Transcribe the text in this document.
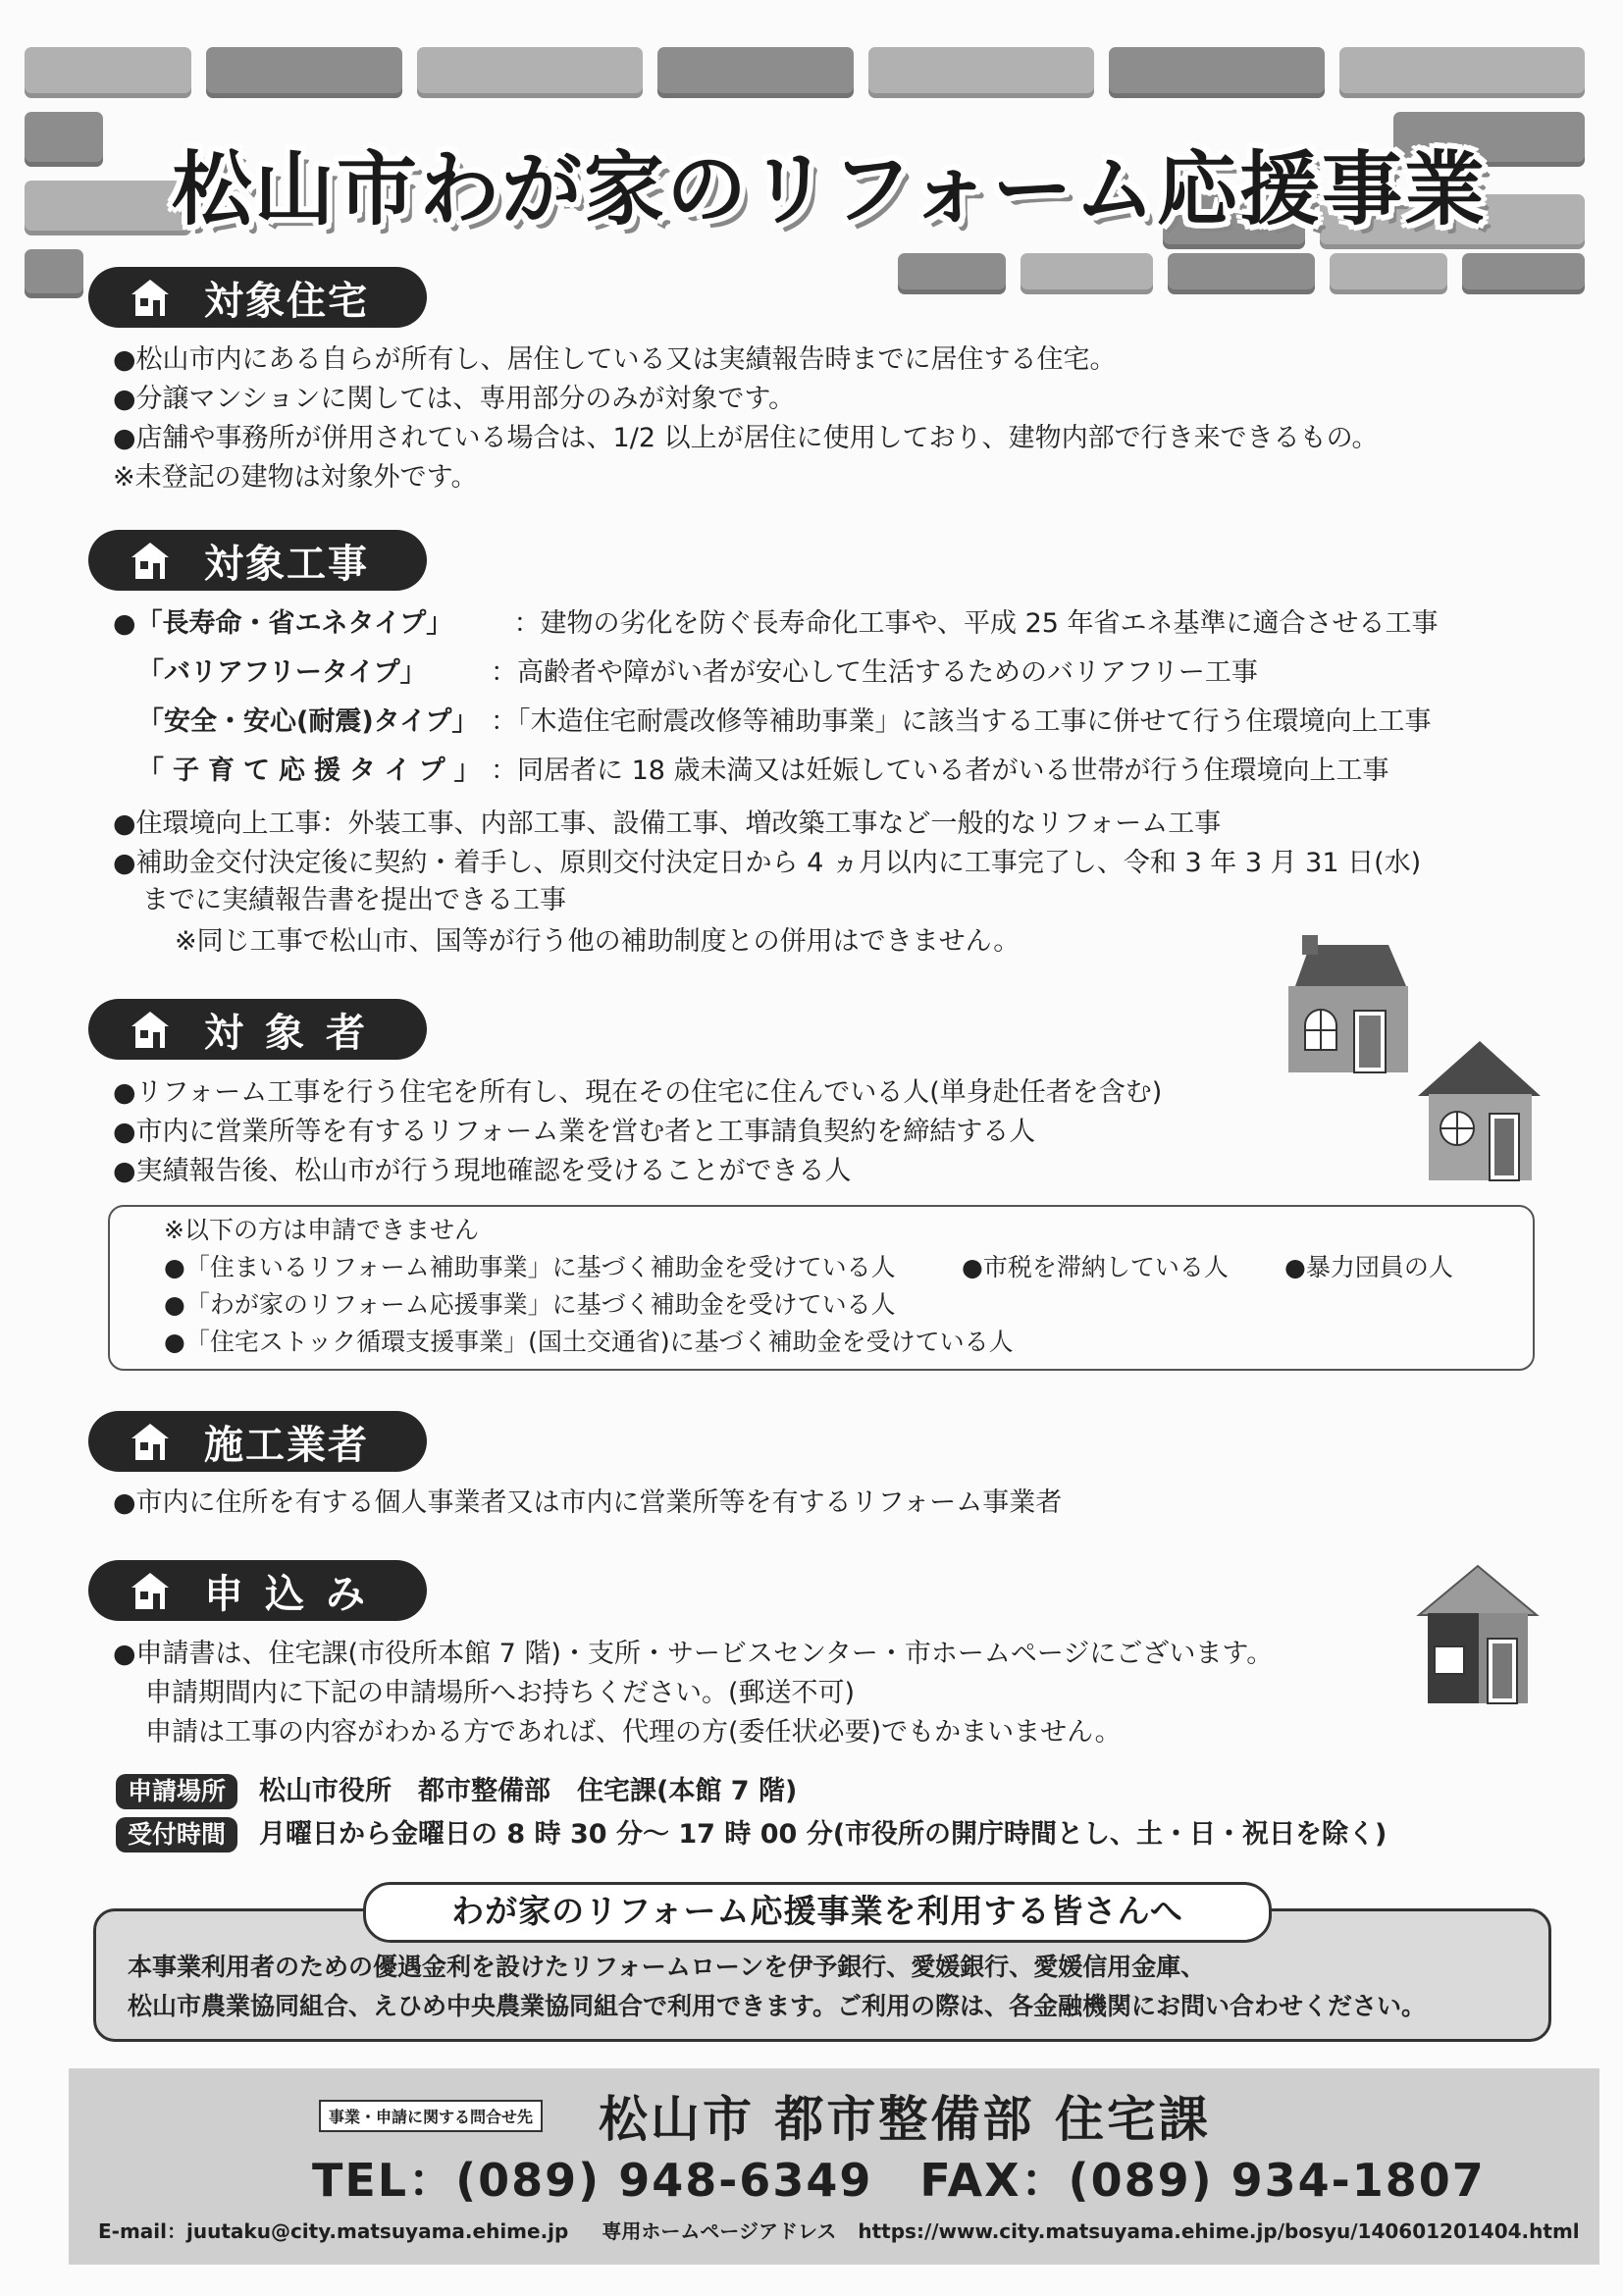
松山市わが家のリフォーム応援事業
対象住宅
●松山市内にある自らが所有し、居住している又は実績報告時までに居住する住宅。
●分譲マンションに関しては、専用部分のみが対象です。
●店舗や事務所が併用されている場合は、1/2 以上が居住に使用しており、建物内部で行き来できるもの。
※未登記の建物は対象外です。
対象工事
●「長寿命・省エネタイプ」 ：建物の劣化を防ぐ長寿命化工事や、平成 25 年省エネ基準に適合させる工事
「バリアフリータイプ」 ：高齢者や障がい者が安心して生活するためのバリアフリー工事
「安全・安心(耐震)タイプ」 ：「木造住宅耐震改修等補助事業」に該当する工事に併せて行う住環境向上工事
「子育て応援タイプ」：同居者に 18 歳未満又は妊娠している者がいる世帯が行う住環境向上工事
●住環境向上工事：外装工事、内部工事、設備工事、増改築工事など一般的なリフォーム工事
●補助金交付決定後に契約・着手し、原則交付決定日から 4 ヵ月以内に工事完了し、令和 3 年 3 月 31 日(水)
までに実績報告書を提出できる工事
※同じ工事で松山市、国等が行う他の補助制度との併用はできません。
対象者
●リフォーム工事を行う住宅を所有し、現在その住宅に住んでいる人(単身赴任者を含む)
●市内に営業所等を有するリフォーム業を営む者と工事請負契約を締結する人
●実績報告後、松山市が行う現地確認を受けることができる人
※以下の方は申請できません
●「住まいるリフォーム補助事業」に基づく補助金を受けている人	●市税を滞納している人 ●暴力団員の人
●「わが家のリフォーム応援事業」に基づく補助金を受けている人
●「住宅ストック循環支援事業」(国土交通省)に基づく補助金を受けている人
施工業者
●市内に住所を有する個人事業者又は市内に営業所等を有するリフォーム事業者
申込み
●申請書は、住宅課(市役所本館 7 階)・支所・サービスセンター・市ホームページにございます。
申請期間内に下記の申請場所へお持ちください。(郵送不可)
申請は工事の内容がわかる方であれば、代理の方(委任状必要)でもかまいません。
申請場所 松山市役所　都市整備部　住宅課(本館 7 階)
受付時間 月曜日から金曜日の 8 時 30 分～ 17 時 00 分(市役所の開庁時間とし、土・日・祝日を除く)
わが家のリフォーム応援事業を利用する皆さんへ
本事業利用者のための優遇金利を設けたリフォームローンを伊予銀行、愛媛銀行、愛媛信用金庫、
松山市農業協同組合、えひめ中央農業協同組合で利用できます。ご利用の際は、各金融機関にお問い合わせください。
事業・申請に関する問合せ先 松山市 都市整備部 住宅課
TEL：(089) 948-6349　FAX：(089) 934-1807
E-mail：juutaku@city.matsuyama.ehime.jp 専用ホームページアドレス https://www.city.matsuyama.ehime.jp/bosyu/140601201404.html
